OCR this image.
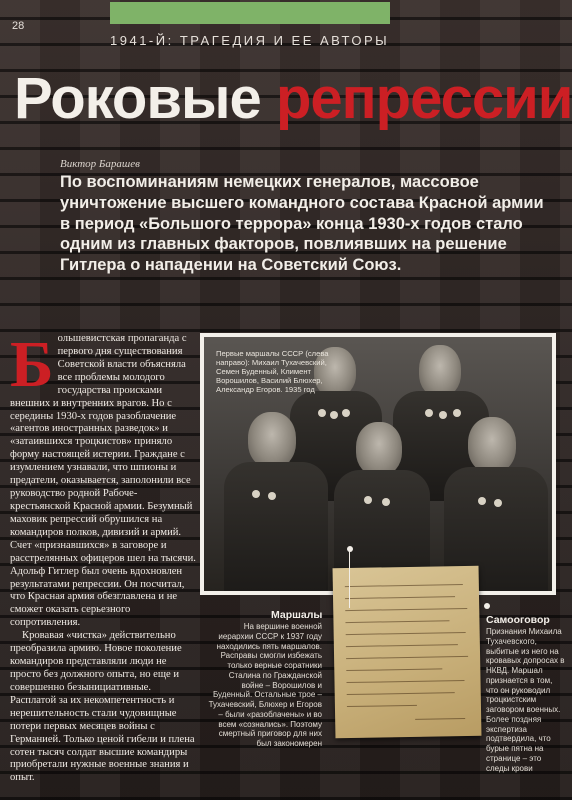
28
1941-Й: ТРАГЕДИЯ И ЕЕ АВТОРЫ
Роковые репрессии
Виктор Барашев

По воспоминаниям немецких генералов, массовое уничтожение высшего командного состава Красной армии в период «Большого террора» конца 1930-х годов стало одним из главных факторов, повлиявших на решение Гитлера о нападении на Советский Союз.

Большевистская пропаганда с первого дня существования Советской власти объясняла все проблемы молодого государства происками внешних и внутренних врагов. Но с середины 1930-х годов разоблачение «агентов иностранных разведок» и «затаившихся троцкистов» приняло форму настоящей истерии. Граждане с изумлением узнавали, что шпионы и предатели, оказывается, заполонили все руководство родной Рабоче-крестьянской Красной армии. Безумный маховик репрессий обрушился на командиров полков, дивизий и армий. Счет «признавшихся» в заговоре и расстрелянных офицеров шел на тысячи. Адольф Гитлер был очень вдохновлен результатами репрессии. Он посчитал, что Красная армия обезглавлена и не сможет оказать серьезного сопротивления.

Кровавая «чистка» действительно преобразила армию. Новое поколение командиров представляли люди не просто без должного опыта, но еще и совершенно безынициативные. Расплатой за их некомпетентность и нерешительность стали чудовищные потери первых месяцев войны с Германией. Только ценой гибели и плена сотен тысяч солдат высшие командиры приобретали нужные военные знания и опыт.

Первые маршалы СССР (слева направо): Михаил Тухачевский, Семен Буденный, Климент Ворошилов, Василий Блюхер, Александр Егоров. 1935 год

Маршалы

На вершине военной иерархии СССР к 1937 году находились пять маршалов. Расправы смогли избежать только верные соратники Сталина по Гражданской войне – Ворошилов и Буденный. Остальные трое – Тухачевский, Блюхер и Егоров – были «разоблачены» и во всем «сознались». Поэтому смертный приговор для них был закономерен

Самооговор

Признания Михаила Тухачевского, выбитые из него на кровавых допросах в НКВД. Маршал признается в том, что он руководил троцкистским заговором военных. Более поздняя экспертиза подтвердила, что бурые пятна на странице – это следы крови
